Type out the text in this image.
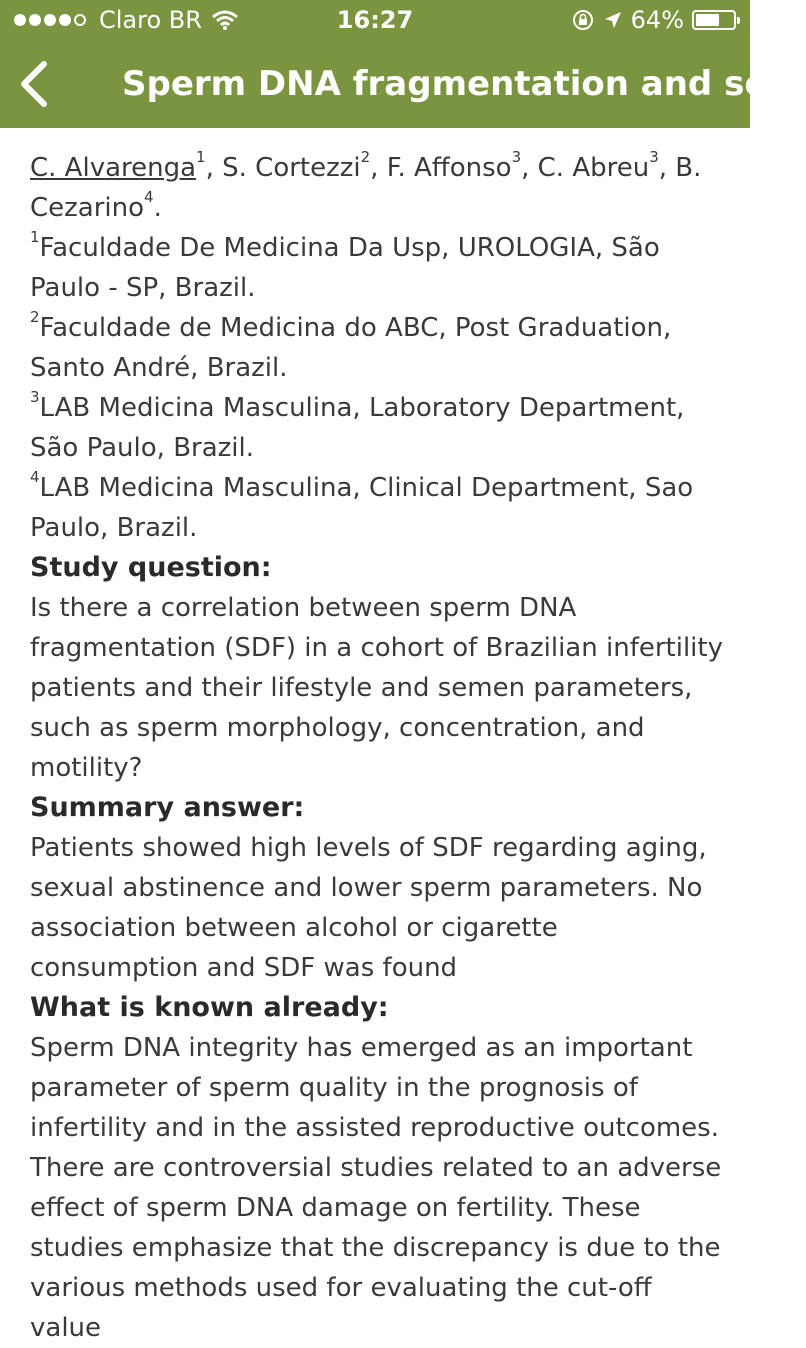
Claro BR	16:27	64%
Sperm DNA fragmentation and se...

C. Alvarenga$^1$, S. Cortezzi$^2$, F. Affonso$^3$, C. Abreu$^3$, B. Cezarino$^4$.

$^1$Faculdade De Medicina Da Usp, UROLOGIA, São Paulo - SP, Brazil.

$^2$Faculdade de Medicina do ABC, Post Graduation, Santo André, Brazil.

$^3$LAB Medicina Masculina, Laboratory Department, São Paulo, Brazil.

$^4$LAB Medicina Masculina, Clinical Department, Sao Paulo, Brazil.

Study question:

Is there a correlation between sperm DNA fragmentation (SDF) in a cohort of Brazilian infertility patients and their lifestyle and semen parameters, such as sperm morphology, concentration, and motility?

Summary answer:

Patients showed high levels of SDF regarding aging, sexual abstinence and lower sperm parameters. No association between alcohol or cigarette consumption and SDF was found

What is known already:

Sperm DNA integrity has emerged as an important parameter of sperm quality in the prognosis of infertility and in the assisted reproductive outcomes. There are controversial studies related to an adverse effect of sperm DNA damage on fertility. These studies emphasize that the discrepancy is due to the various methods used for evaluating the cut-off value
